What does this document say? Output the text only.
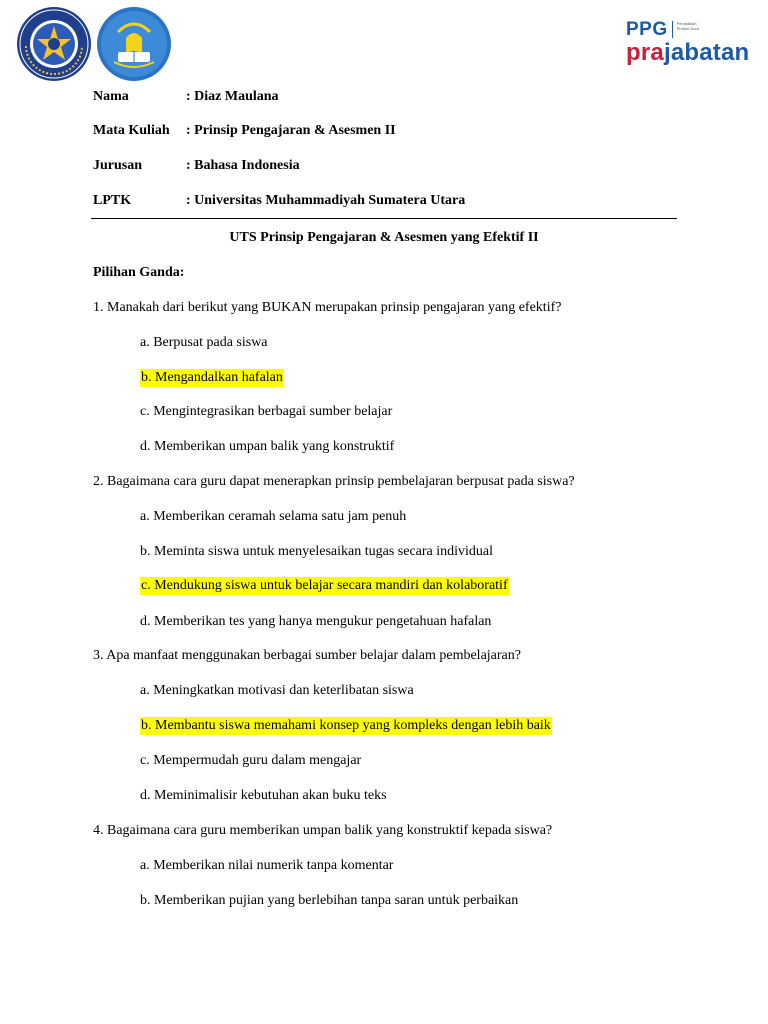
PPG Pendidikan Profesi Guru
prajabatan
Nama	: Diaz Maulana
Mata Kuliah : Prinsip Pengajaran & Asesmen II
Jurusan	: Bahasa Indonesia
LPTK	: Universitas Muhammadiyah Sumatera Utara
UTS Prinsip Pengajaran & Asesmen yang Efektif II
Pilihan Ganda:
1. Manakah dari berikut yang BUKAN merupakan prinsip pengajaran yang efektif?
a. Berpusat pada siswa
b. Mengandalkan hafalan
c. Mengintegrasikan berbagai sumber belajar
d. Memberikan umpan balik yang konstruktif
2. Bagaimana cara guru dapat menerapkan prinsip pembelajaran berpusat pada siswa?
a. Memberikan ceramah selama satu jam penuh
b. Meminta siswa untuk menyelesaikan tugas secara individual
c. Mendukung siswa untuk belajar secara mandiri dan kolaboratif
d. Memberikan tes yang hanya mengukur pengetahuan hafalan
3. Apa manfaat menggunakan berbagai sumber belajar dalam pembelajaran?
a. Meningkatkan motivasi dan keterlibatan siswa
b. Membantu siswa memahami konsep yang kompleks dengan lebih baik
c. Mempermudah guru dalam mengajar
d. Meminimalisir kebutuhan akan buku teks
4. Bagaimana cara guru memberikan umpan balik yang konstruktif kepada siswa?
a. Memberikan nilai numerik tanpa komentar
b. Memberikan pujian yang berlebihan tanpa saran untuk perbaikan
